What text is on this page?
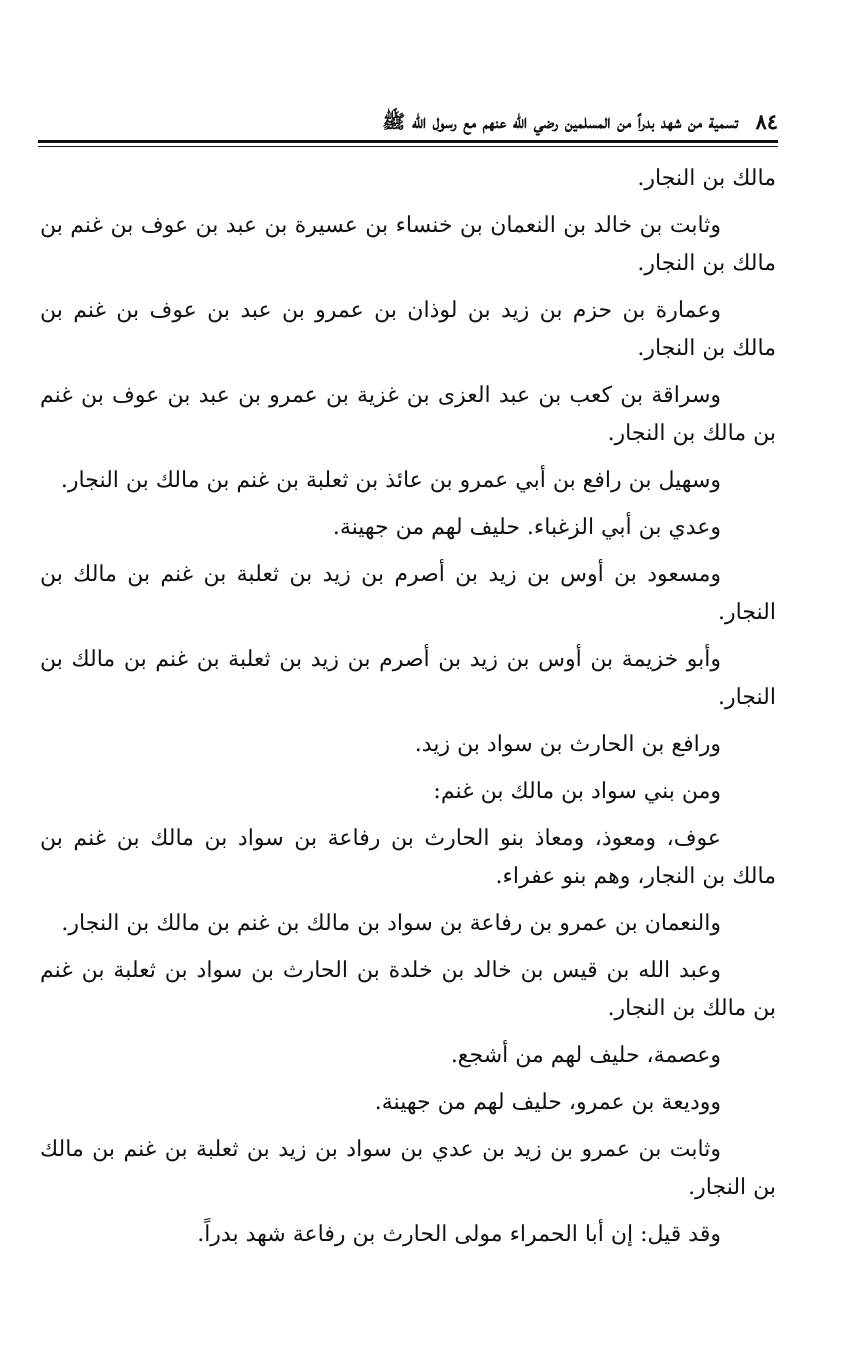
٨٤
تسمية من شهد بدراً من المسلمين رضي الله عنهم مع رسول الله ﷺ

مالك بن النجار.

وثابت بن خالد بن النعمان بن خنساء بن عسيرة بن عبد بن عوف بن غنم بن مالك بن النجار.

وعمارة بن حزم بن زيد بن لوذان بن عمرو بن عبد بن عوف بن غنم بن مالك بن النجار.

وسراقة بن كعب بن عبد العزى بن غزية بن عمرو بن عبد بن عوف بن غنم بن مالك بن النجار.

وسهيل بن رافع بن أبي عمرو بن عائذ بن ثعلبة بن غنم بن مالك بن النجار.

وعدي بن أبي الزغباء. حليف لهم من جهينة.

ومسعود بن أوس بن زيد بن أصرم بن زيد بن ثعلبة بن غنم بن مالك بن النجار.

وأبو خزيمة بن أوس بن زيد بن أصرم بن زيد بن ثعلبة بن غنم بن مالك بن النجار.

ورافع بن الحارث بن سواد بن زيد.

ومن بني سواد بن مالك بن غنم:

عوف، ومعوذ، ومعاذ بنو الحارث بن رفاعة بن سواد بن مالك بن غنم بن مالك بن النجار، وهم بنو عفراء.

والنعمان بن عمرو بن رفاعة بن سواد بن مالك بن غنم بن مالك بن النجار.

وعبد الله بن قيس بن خالد بن خلدة بن الحارث بن سواد بن ثعلبة بن غنم بن مالك بن النجار.

وعصمة، حليف لهم من أشجع.

ووديعة بن عمرو، حليف لهم من جهينة.

وثابت بن عمرو بن زيد بن عدي بن سواد بن زيد بن ثعلبة بن غنم بن مالك بن النجار.

وقد قيل: إن أبا الحمراء مولى الحارث بن رفاعة شهد بدراً.
